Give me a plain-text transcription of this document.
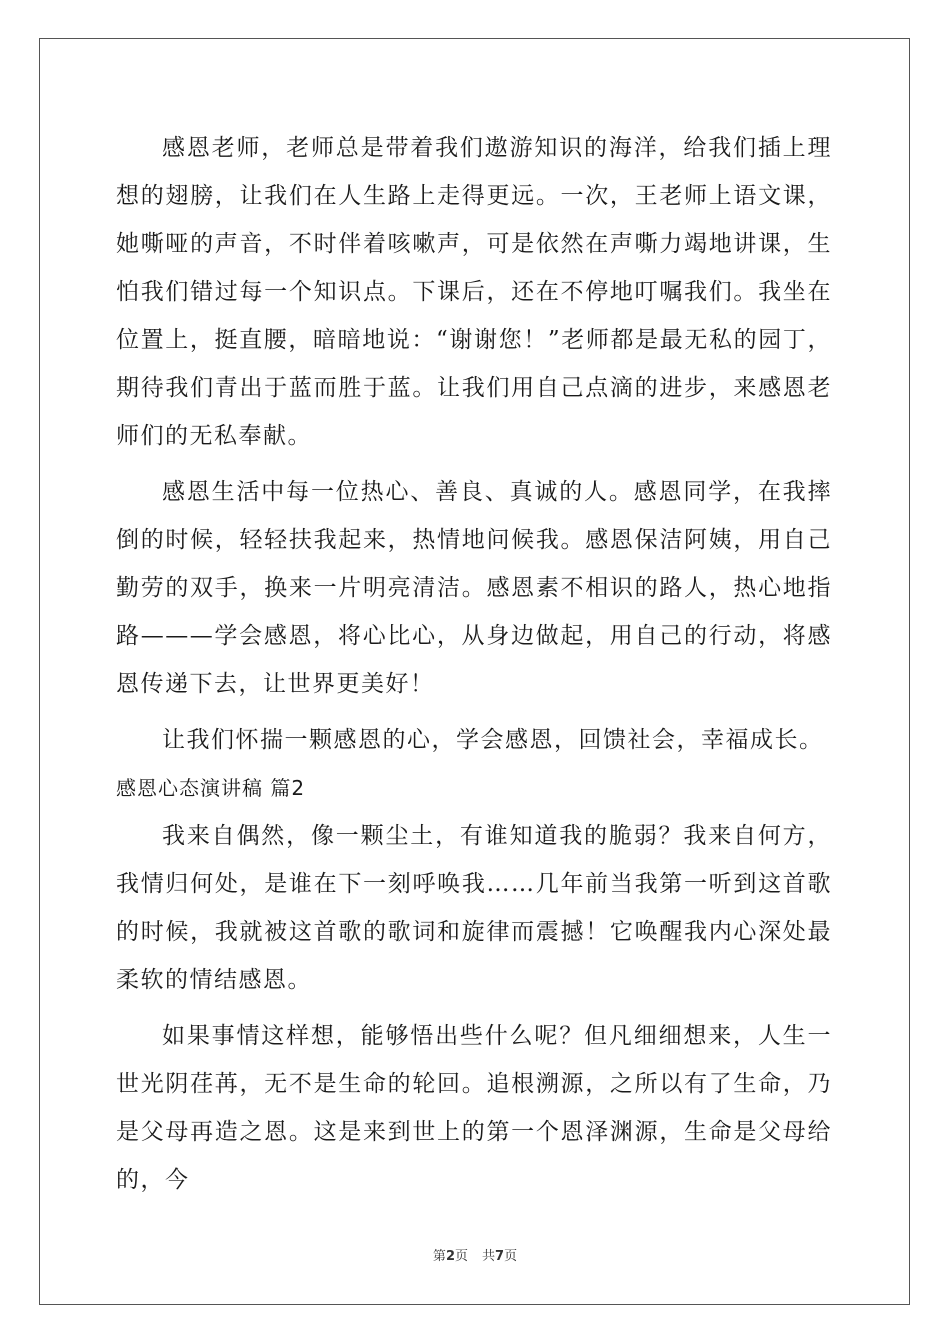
感恩老师，老师总是带着我们遨游知识的海洋，给我们插上理想的翅膀，让我们在人生路上走得更远。一次，王老师上语文课，她嘶哑的声音，不时伴着咳嗽声，可是依然在声嘶力竭地讲课，生怕我们错过每一个知识点。下课后，还在不停地叮嘱我们。我坐在位置上，挺直腰，暗暗地说：“谢谢您！”老师都是最无私的园丁，期待我们青出于蓝而胜于蓝。让我们用自己点滴的进步，来感恩老师们的无私奉献。

感恩生活中每一位热心、善良、真诚的人。感恩同学，在我摔倒的时候，轻轻扶我起来，热情地问候我。感恩保洁阿姨，用自己勤劳的双手，换来一片明亮清洁。感恩素不相识的路人，热心地指路———学会感恩，将心比心，从身边做起，用自己的行动，将感恩传递下去，让世界更美好！

让我们怀揣一颗感恩的心，学会感恩，回馈社会，幸福成长。

感恩心态演讲稿 篇2

我来自偶然，像一颗尘土，有谁知道我的脆弱？我来自何方，我情归何处，是谁在下一刻呼唤我……几年前当我第一听到这首歌的时候，我就被这首歌的歌词和旋律而震撼！它唤醒我内心深处最柔软的情结感恩。

如果事情这样想，能够悟出些什么呢？但凡细细想来，人生一世光阴荏苒，无不是生命的轮回。追根溯源，之所以有了生命，乃是父母再造之恩。这是来到世上的第一个恩泽渊源，生命是父母给的，今

第2页 共7页
